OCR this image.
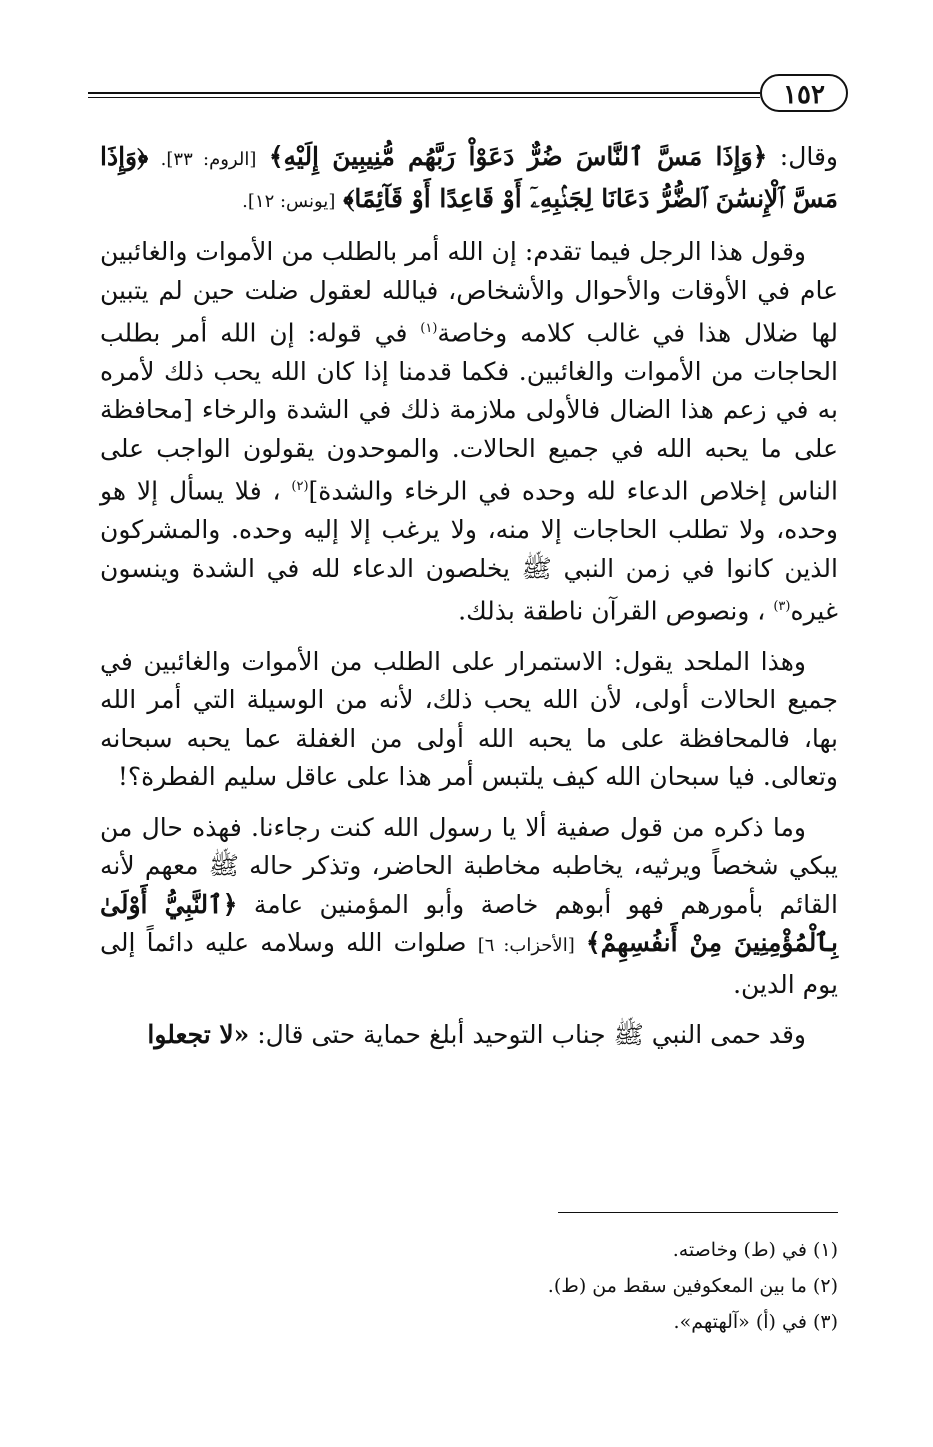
١٥٢

وقال: ﴿وَإِذَا مَسَّ ٱلنَّاسَ ضُرٌّ دَعَوْاْ رَبَّهُم مُّنِيبِينَ إِلَيْهِ﴾ [الروم: ٣٣]. ﴿وَإِذَا مَسَّ ٱلْإِنسَٰنَ ٱلضُّرُّ دَعَانَا لِجَنۢبِهِۦٓ أَوْ قَاعِدًا أَوْ قَآئِمًا﴾ [يونس: ١٢].

وقول هذا الرجل فيما تقدم: إن الله أمر بالطلب من الأموات والغائبين عام في الأوقات والأحوال والأشخاص، فيالله لعقول ضلت حين لم يتبين لها ضلال هذا في غالب كلامه وخاصة$^{(١)}$ في قوله: إن الله أمر بطلب الحاجات من الأموات والغائبين. فكما قدمنا إذا كان الله يحب ذلك لأمره به في زعم هذا الضال فالأولى ملازمة ذلك في الشدة والرخاء [محافظة على ما يحبه الله في جميع الحالات. والموحدون يقولون الواجب على الناس إخلاص الدعاء لله وحده في الرخاء والشدة]$^{(٢)}$ ، فلا يسأل إلا هو وحده، ولا تطلب الحاجات إلا منه، ولا يرغب إلا إليه وحده. والمشركون الذين كانوا في زمن النبي ﷺ يخلصون الدعاء لله في الشدة وينسون غيره$^{(٣)}$ ، ونصوص القرآن ناطقة بذلك.

وهذا الملحد يقول: الاستمرار على الطلب من الأموات والغائبين في جميع الحالات أولى، لأن الله يحب ذلك، لأنه من الوسيلة التي أمر الله بها، فالمحافظة على ما يحبه الله أولى من الغفلة عما يحبه سبحانه وتعالى. فيا سبحان الله كيف يلتبس أمر هذا على عاقل سليم الفطرة؟!

وما ذكره من قول صفية ألا يا رسول الله كنت رجاءنا. فهذه حال من يبكي شخصاً ويرثيه، يخاطبه مخاطبة الحاضر، وتذكر حاله ﷺ معهم لأنه القائم بأمورهم فهو أبوهم خاصة وأبو المؤمنين عامة ﴿ٱلنَّبِيُّ أَوْلَىٰ بِٱلْمُؤْمِنِينَ مِنْ أَنفُسِهِمْ﴾ [الأحزاب: ٦] صلوات الله وسلامه عليه دائماً إلى يوم الدين.

وقد حمى النبي ﷺ جناب التوحيد أبلغ حماية حتى قال: «لا تجعلوا

(١) في (ط) وخاصته.
(٢) ما بين المعكوفين سقط من (ط).
(٣) في (أ) «آلهتهم».
